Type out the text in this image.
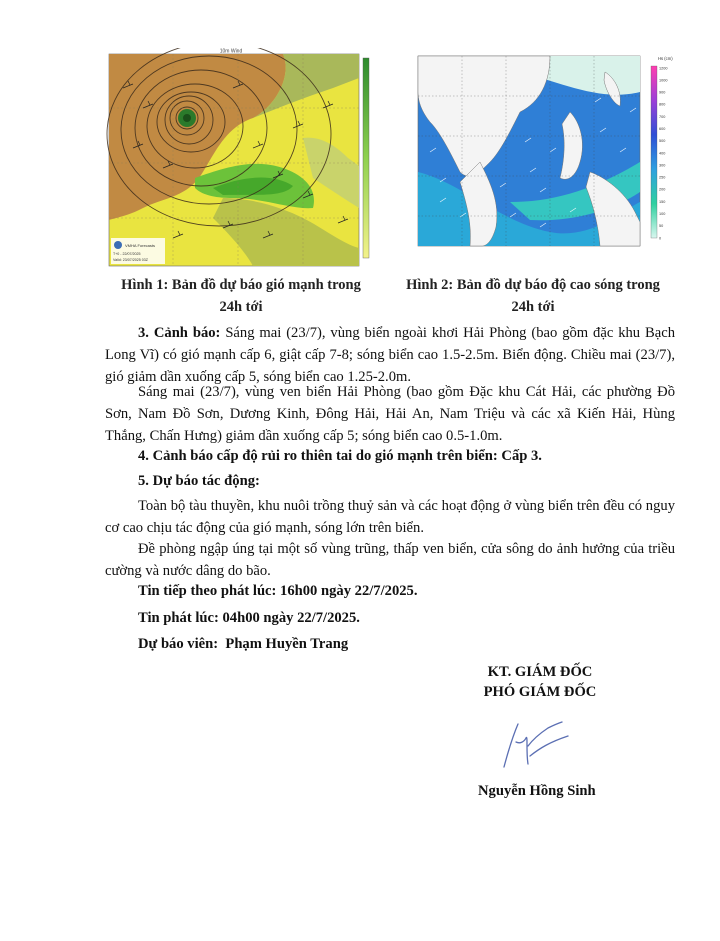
10m Wind
VMHA Forecasts
T+0 - 22/07/2025
Valid: 23/07/2025 03Z
Hs (cm)
1200
1000
900
800
700
600
500
400
300
250
200
150
100
50
0
Hình 1: Bản đồ dự báo gió mạnh trong
24h tới
Hình 2: Bản đồ dự báo độ cao sóng trong
24h tới

3. Cảnh báo: Sáng mai (23/7), vùng biển ngoài khơi Hải Phòng (bao gồm đặc khu Bạch Long Vĩ) có gió mạnh cấp 6, giật cấp 7-8; sóng biển cao 1.5-2.5m. Biển động. Chiều mai (23/7), gió giảm dần xuống cấp 5, sóng biển cao 1.25-2.0m.

Sáng mai (23/7), vùng ven biển Hải Phòng (bao gồm Đặc khu Cát Hải, các phường Đồ Sơn, Nam Đồ Sơn, Dương Kinh, Đông Hải, Hải An, Nam Triệu và các xã Kiến Hải, Hùng Thắng, Chấn Hưng) giảm dần xuống cấp 5; sóng biển cao 0.5-1.0m.

4. Cảnh báo cấp độ rủi ro thiên tai do gió mạnh trên biển: Cấp 3.

5. Dự báo tác động:

Toàn bộ tàu thuyền, khu nuôi trồng thuỷ sản và các hoạt động ở vùng biển trên đều có nguy cơ cao chịu tác động của gió mạnh, sóng lớn trên biển.

Đề phòng ngập úng tại một số vùng trũng, thấp ven biển, cửa sông do ảnh hưởng của triều cường và nước dâng do bão.

Tin tiếp theo phát lúc: 16h00 ngày 22/7/2025.

Tin phát lúc: 04h00 ngày 22/7/2025.

Dự báo viên:  Phạm Huyền Trang

KT. GIÁM ĐỐC
PHÓ GIÁM ĐỐC
Nguyễn Hồng Sinh
